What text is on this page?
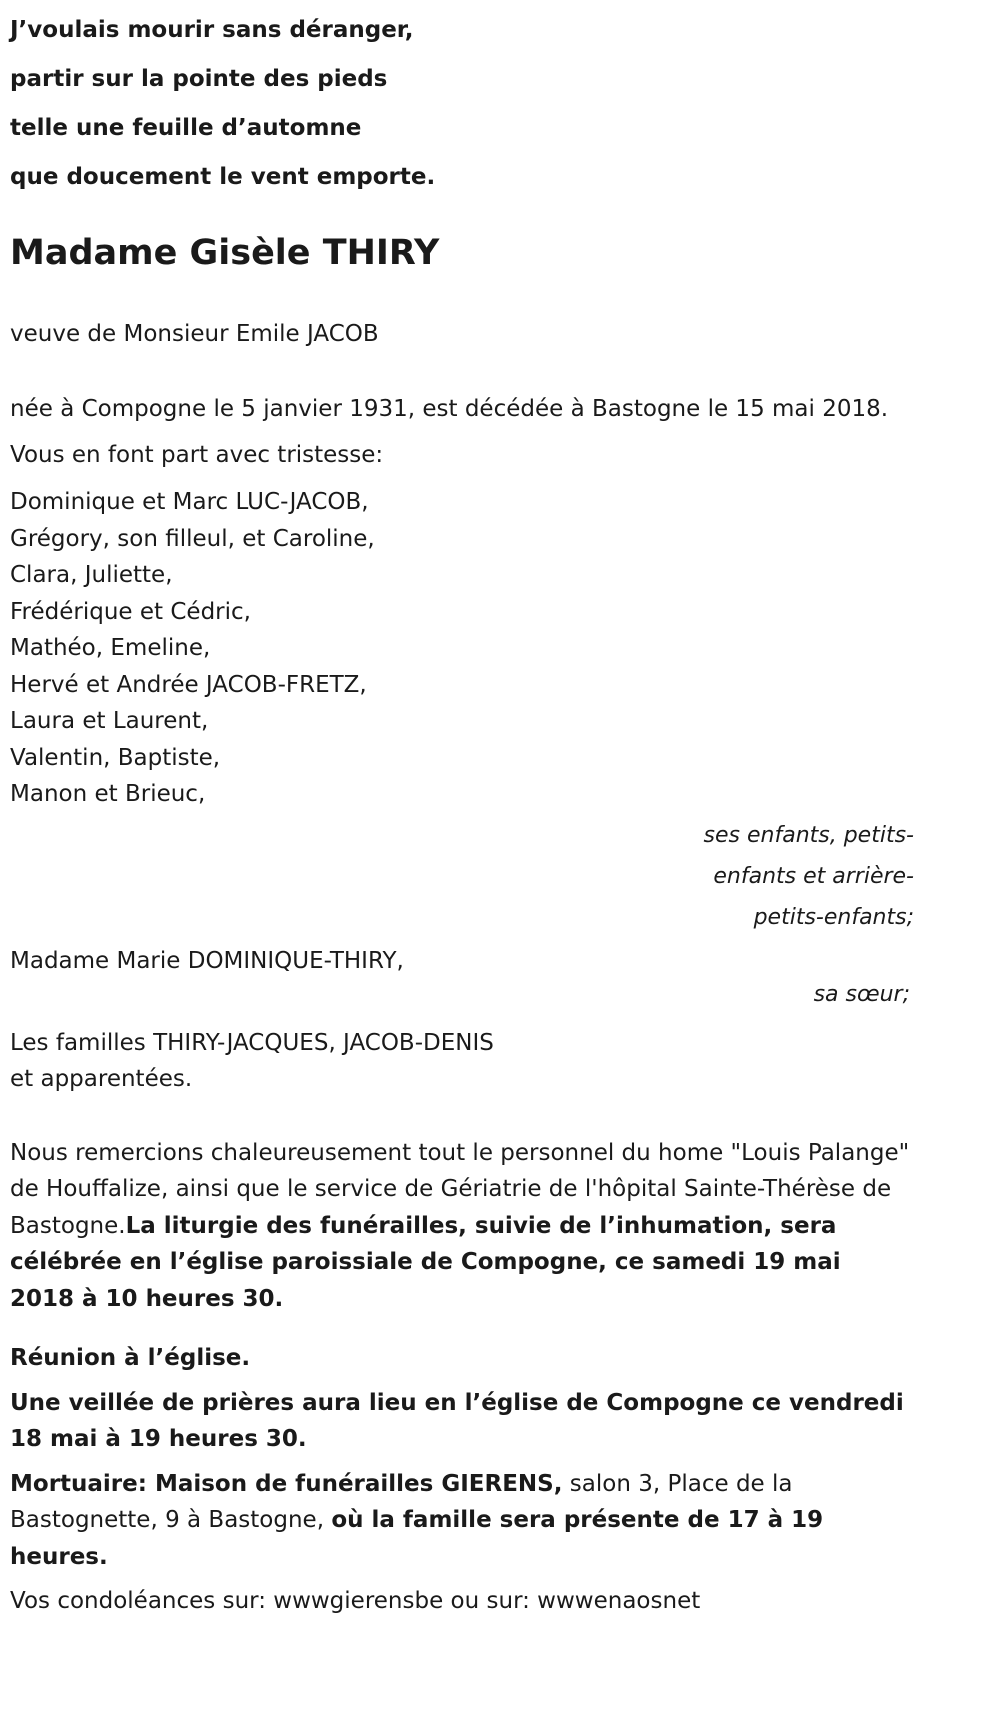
J’voulais mourir sans déranger,
partir sur la pointe des pieds
telle une feuille d’automne
que doucement le vent emporte.
Madame Gisèle THIRY

veuve de Monsieur Emile JACOB

née à Compogne le 5 janvier 1931, est décédée à Bastogne le 15 mai 2018.

Vous en font part avec tristesse:

Dominique et Marc LUC-JACOB,
Grégory, son filleul, et Caroline,
Clara, Juliette,
Frédérique et Cédric,
Mathéo, Emeline,
Hervé et Andrée JACOB-FRETZ,
Laura et Laurent,
Valentin, Baptiste,
Manon et Brieuc,

ses enfants, petits-enfants et arrière-petits-enfants;

Madame Marie DOMINIQUE-THIRY,

sa sœur;

Les familles THIRY-JACQUES, JACOB-DENIS
et apparentées.

Nous remercions chaleureusement tout le personnel du home "Louis Palange" de Houffalize, ainsi que le service de Gériatrie de l'hôpital Sainte-Thérèse de Bastogne.La liturgie des funérailles, suivie de l’inhumation, sera célébrée en l’église paroissiale de Compogne, ce samedi 19 mai 2018 à 10 heures 30.

Réunion à l’église.

Une veillée de prières aura lieu en l’église de Compogne ce vendredi 18 mai à 19 heures 30.

Mortuaire: Maison de funérailles GIERENS, salon 3, Place de la Bastognette, 9 à Bastogne, où la famille sera présente de 17 à 19 heures.

Vos condoléances sur: wwwgierensbe ou sur: wwwenaosnet
